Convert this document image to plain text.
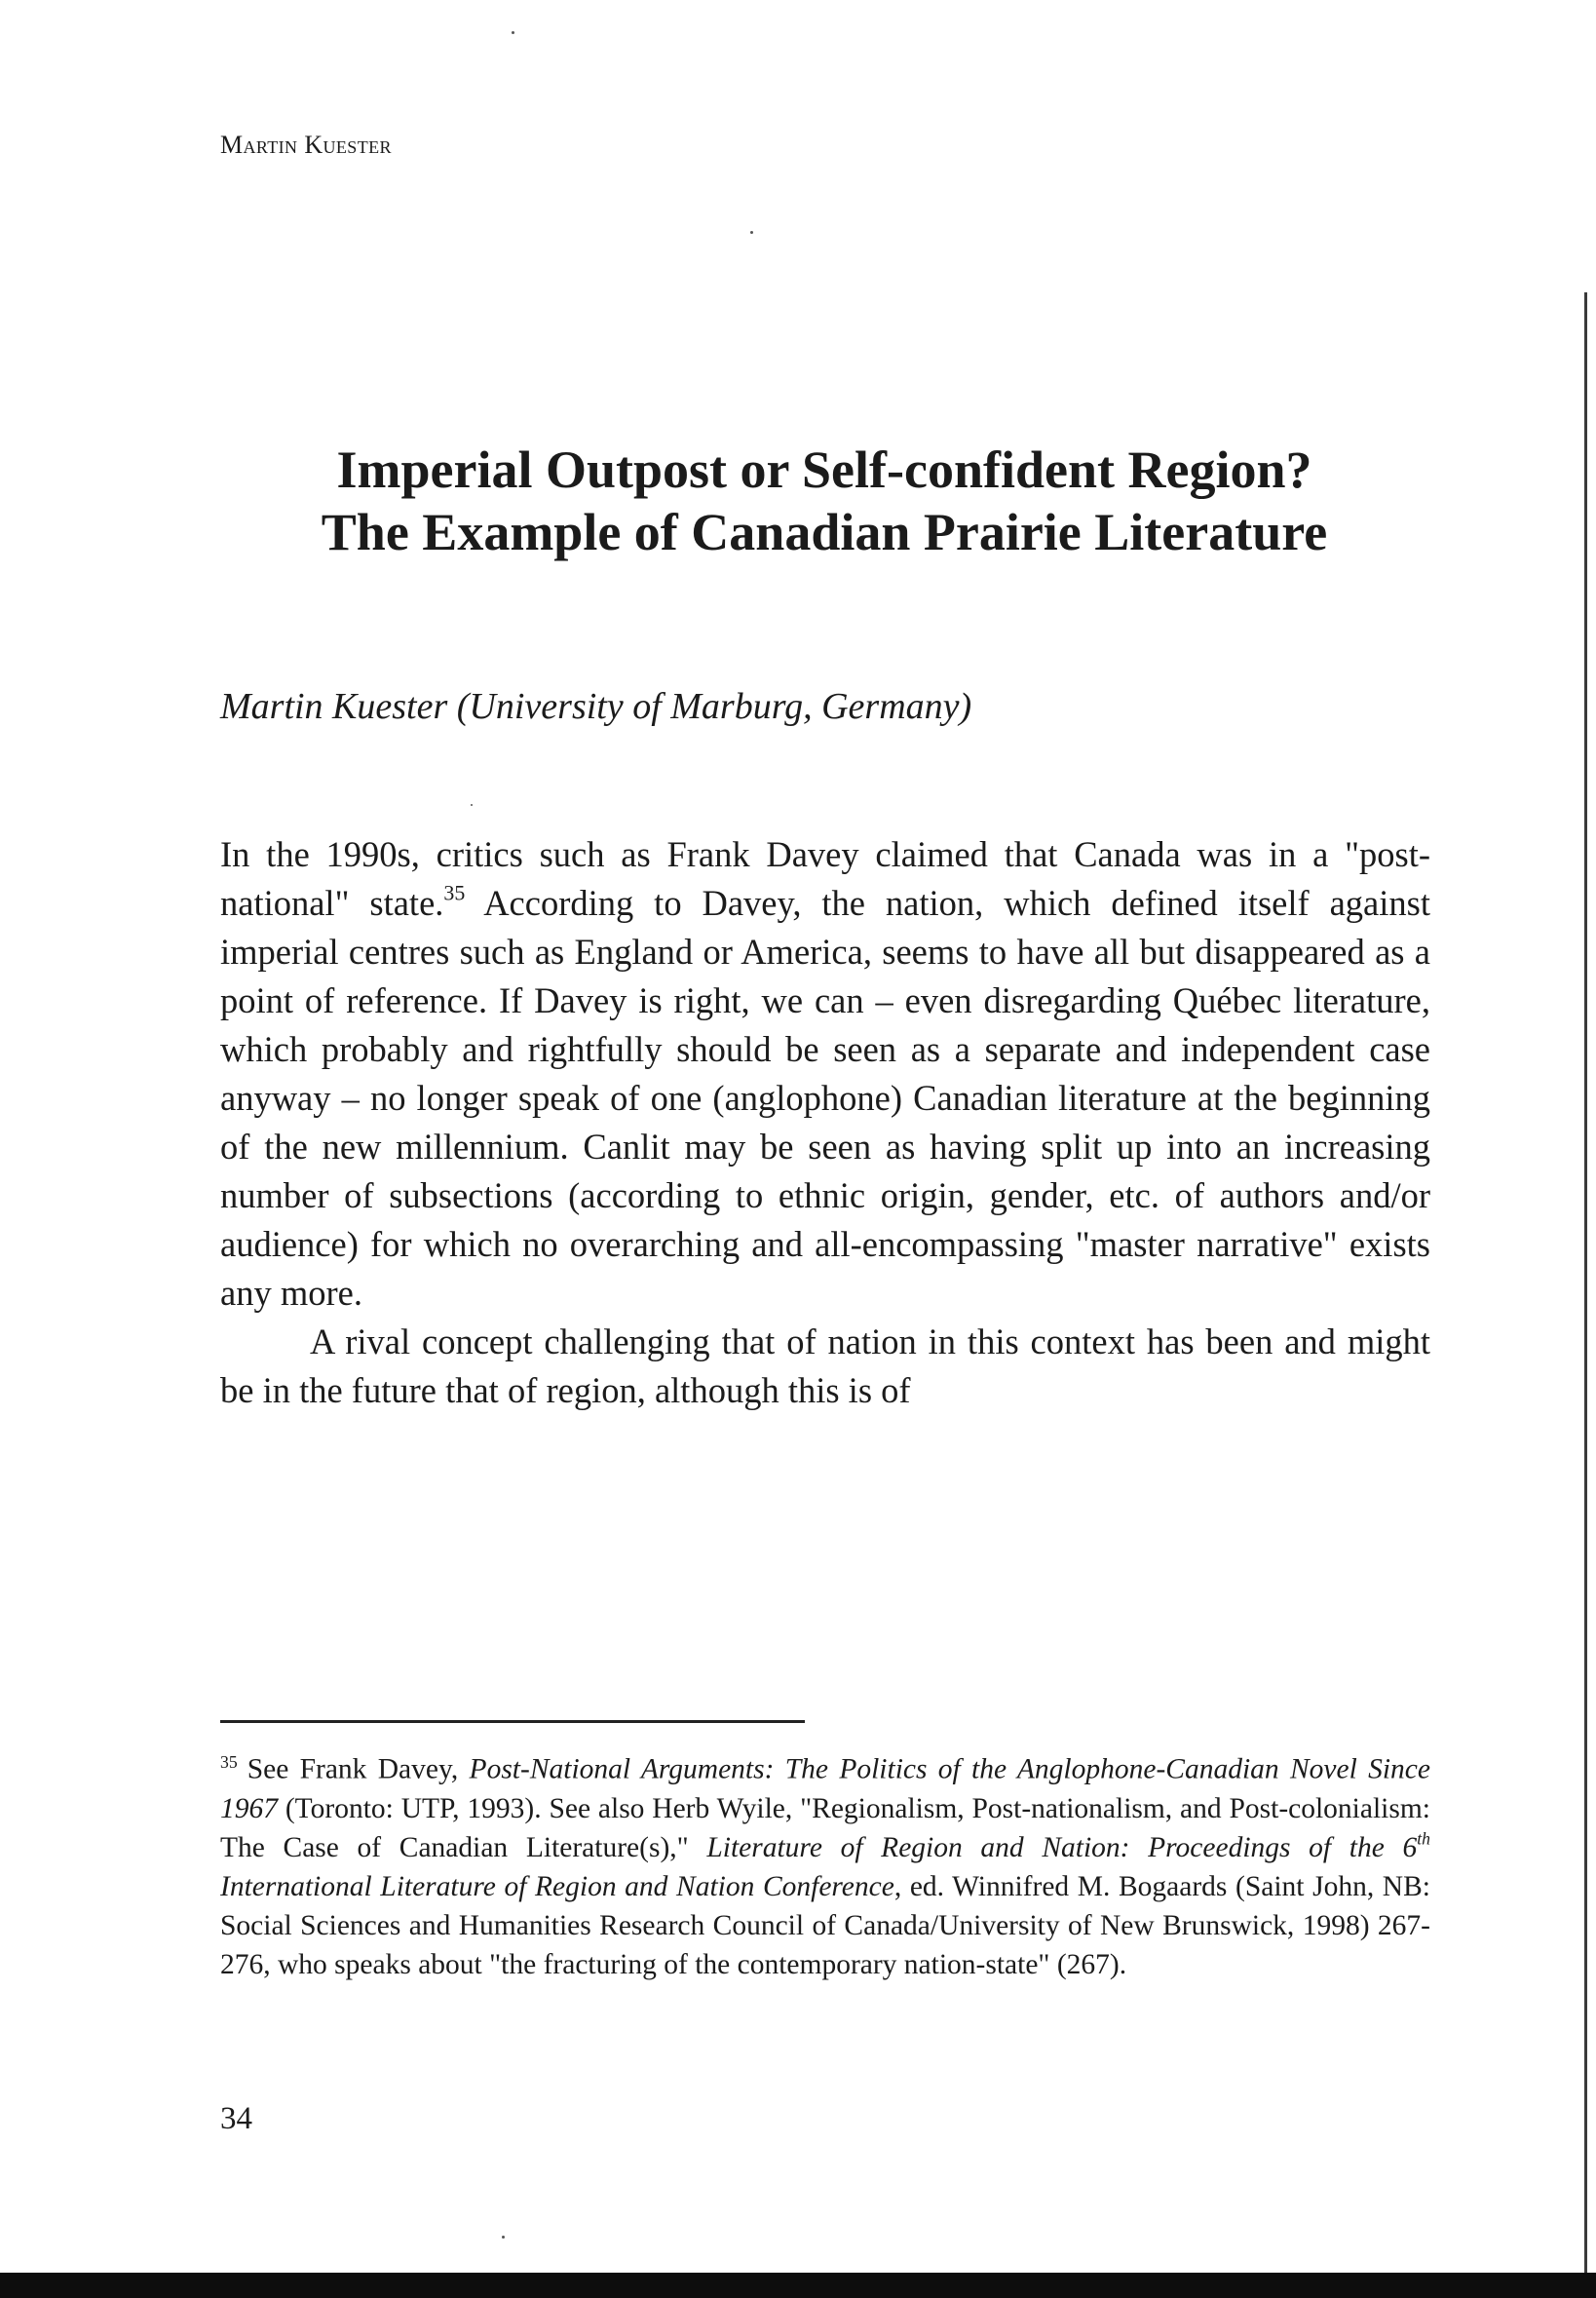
Martin Kuester
Imperial Outpost or Self-confident Region?
The Example of Canadian Prairie Literature
Martin Kuester (University of Marburg, Germany)

In the 1990s, critics such as Frank Davey claimed that Canada was in a "post-national" state.$^{35}$ According to Davey, the nation, which defined itself against imperial centres such as England or America, seems to have all but disappeared as a point of reference. If Davey is right, we can – even disregarding Québec literature, which probably and rightfully should be seen as a separate and independent case anyway – no longer speak of one (anglophone) Canadian literature at the beginning of the new millennium. Canlit may be seen as having split up into an increasing number of subsections (according to ethnic origin, gender, etc. of authors and/or audience) for which no overarching and all-encompassing "master narrative" exists any more.

A rival concept challenging that of nation in this context has been and might be in the future that of region, although this is of

$^{35}$ See Frank Davey, Post-National Arguments: The Politics of the Anglophone-Canadian Novel Since 1967 (Toronto: UTP, 1993). See also Herb Wyile, "Regionalism, Post-nationalism, and Post-colonialism: The Case of Canadian Literature(s)," Literature of Region and Nation: Proceedings of the 6th International Literature of Region and Nation Conference, ed. Winnifred M. Bogaards (Saint John, NB: Social Sciences and Humanities Research Council of Canada/University of New Brunswick, 1998) 267-276, who speaks about "the fracturing of the contemporary nation-state" (267).
34
